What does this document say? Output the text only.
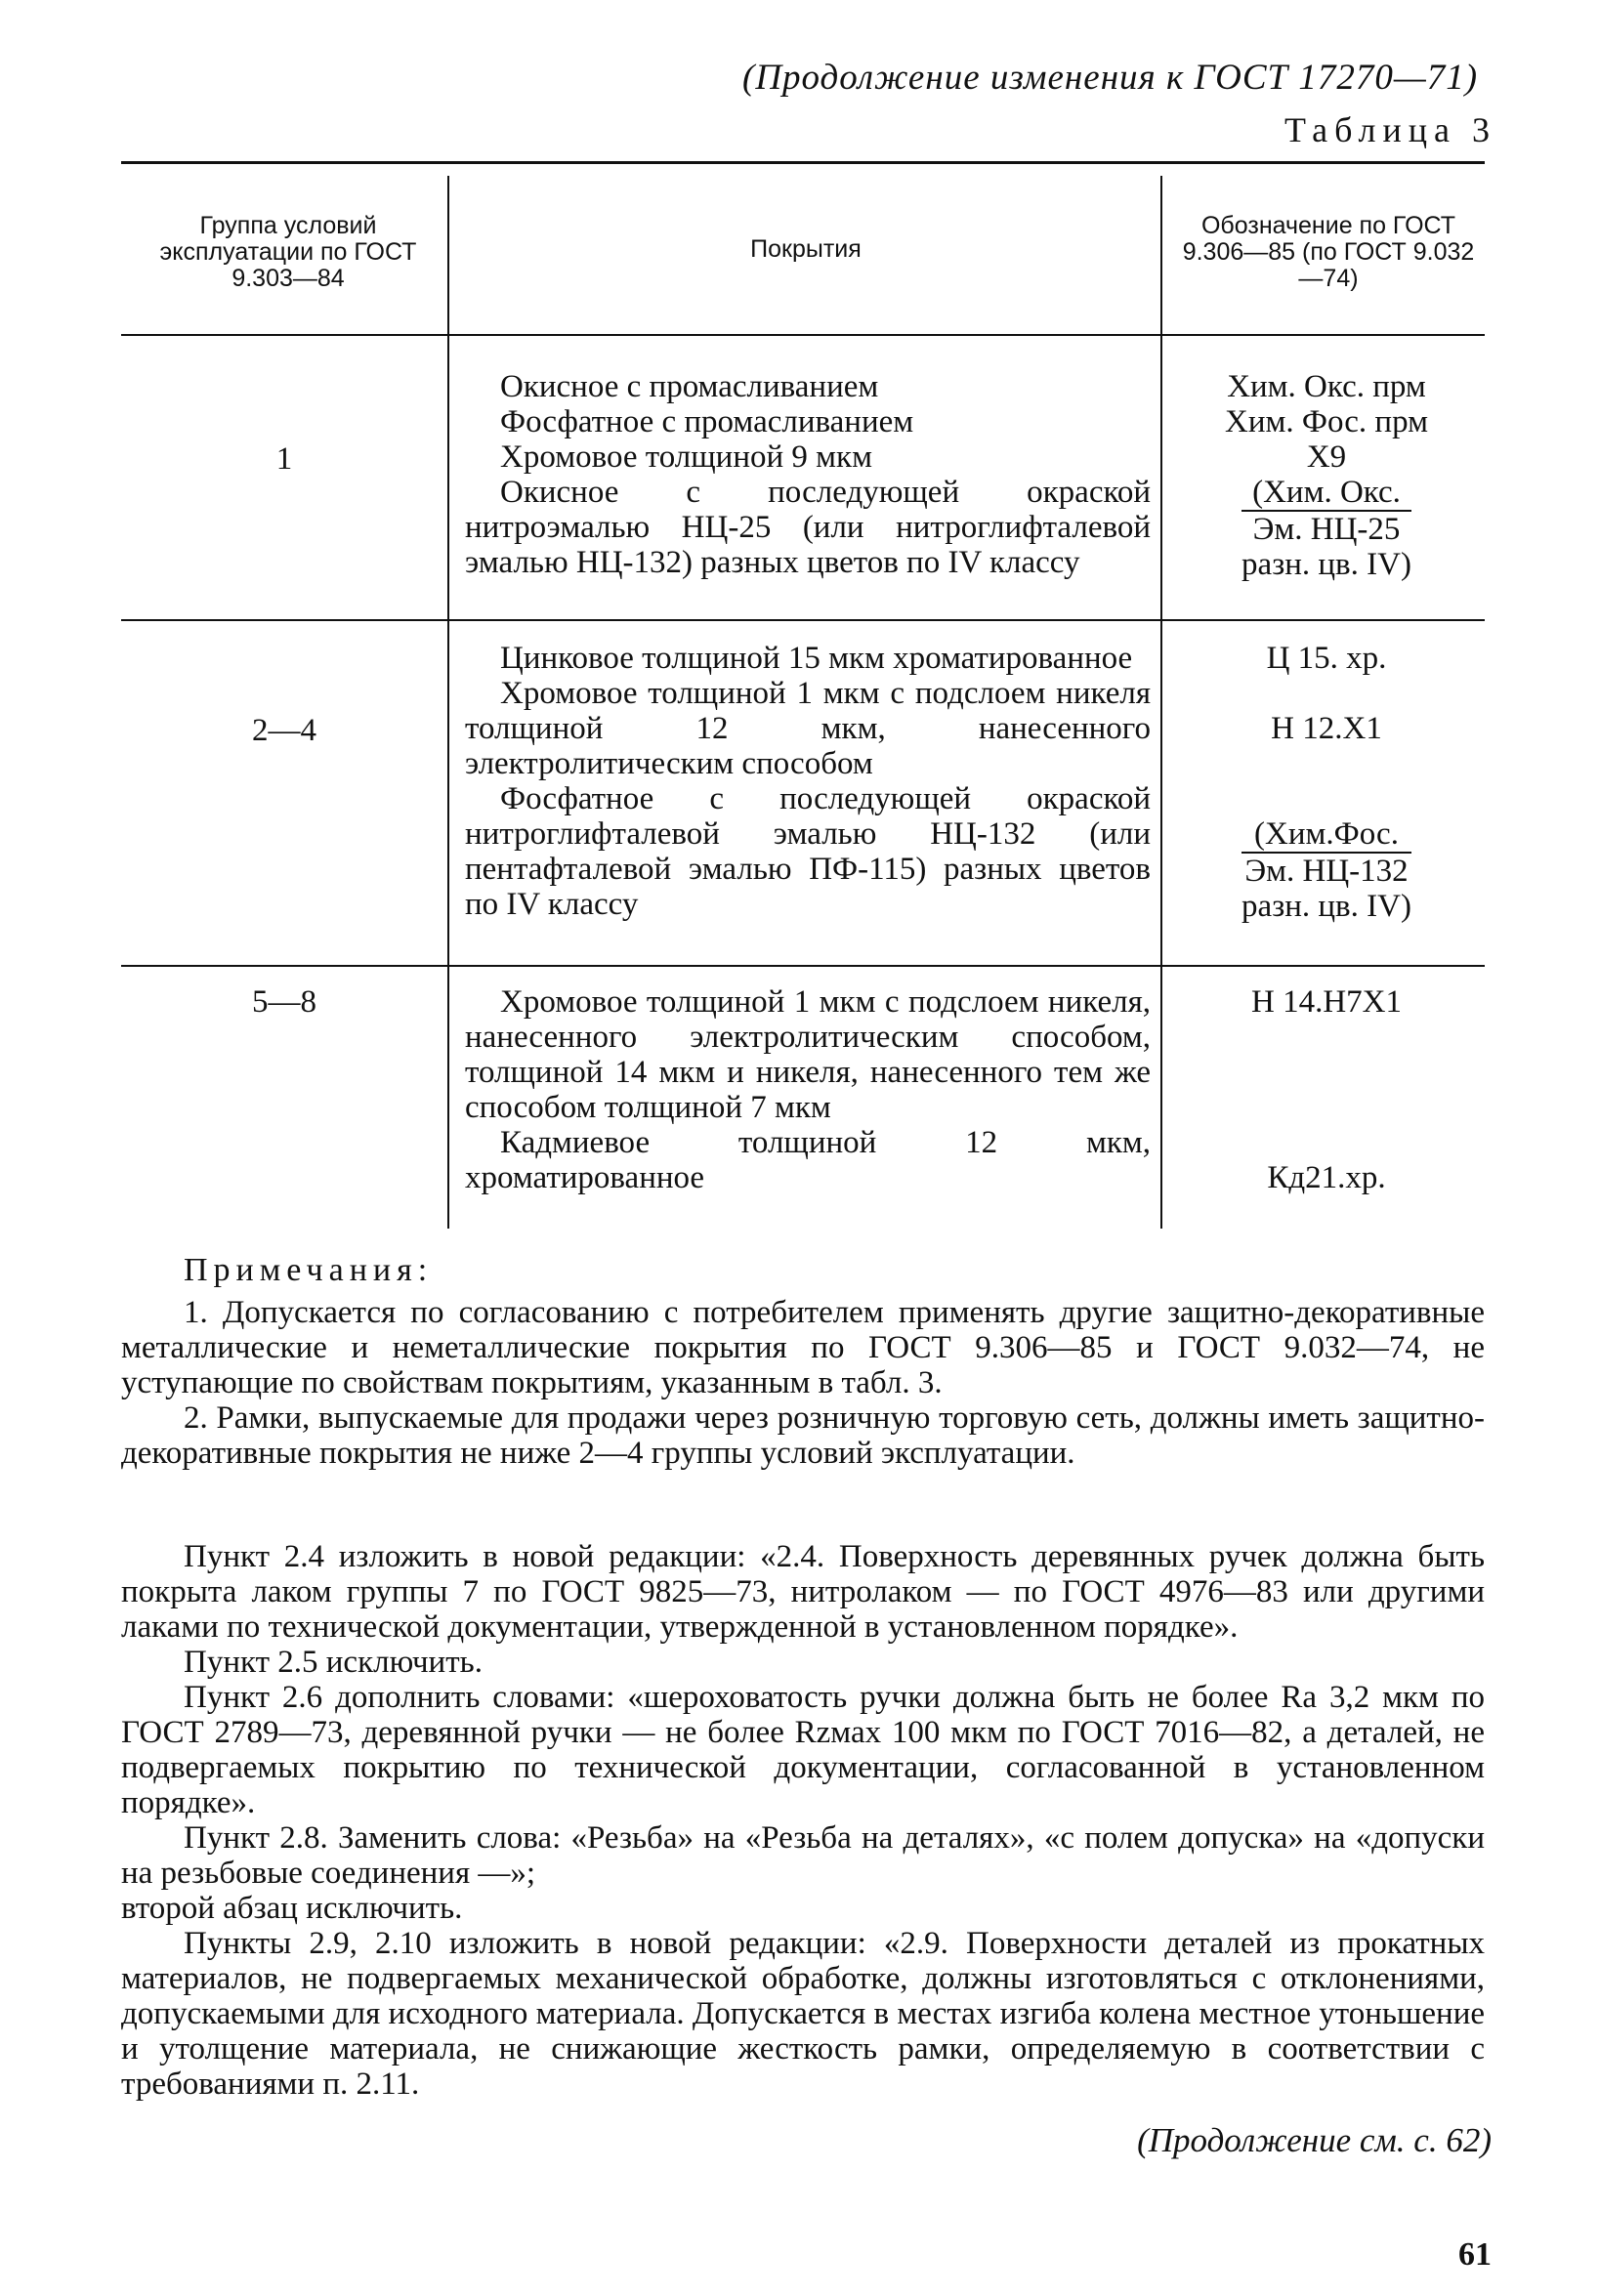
(Продолжение изменения к ГОСТ 17270—71)
Таблица 3
Группа условий эксплуатации по ГОСТ 9.303—84
Покрытия
Обозначение по ГОСТ 9.306—85 (по ГОСТ 9.032—74)
1
Окисное с промасливанием
Фосфатное с промасливанием
Хромовое толщиной 9 мкм
Окисное с последующей окраской нитроэмалью НЦ-25 (или нитроглифталевой эмалью НЦ-132) разных цветов по IV классу
Хим. Окс. прм
Хим. Фос. прм
Х9
(Хим. Окс.
Эм. НЦ-25
разн. цв. IV)
2—4
Цинковое толщиной 15 мкм хроматированное
Хромовое толщиной 1 мкм с подслоем никеля толщиной 12 мкм, нанесенного электролитическим способом
Фосфатное с последующей окраской нитроглифталевой эмалью НЦ-132 (или пентафталевой эмалью ПФ-115) разных цветов по IV классу
Ц 15. хр.
Н 12.Х1
(Хим.Фос.
Эм. НЦ-132
разн. цв. IV)
5—8	Хромовое толщиной 1 мкм с подслоем никеля, нанесенного электролитическим способом, толщиной 14 мкм и никеля, нанесенного тем же способом толщиной 7 мкм
Кадмиевое толщиной 12 мкм, хроматированное
Н 14.Н7Х1
Кд21.хр.
Примечания:
1. Допускается по согласованию с потребителем применять другие защитно-декоративные металлические и неметаллические покрытия по ГОСТ 9.306—85 и ГОСТ 9.032—74, не уступающие по свойствам покрытиям, указанным в табл. 3.
2. Рамки, выпускаемые для продажи через розничную торговую сеть, должны иметь защитно-декоративные покрытия не ниже 2—4 группы условий эксплуатации.
Пункт 2.4 изложить в новой редакции: «2.4. Поверхность деревянных ручек должна быть покрыта лаком группы 7 по ГОСТ 9825—73, нитролаком — по ГОСТ 4976—83 или другими лаками по технической документации, утвержденной в установленном порядке».
Пункт 2.5 исключить.
Пункт 2.6 дополнить словами: «шероховатость ручки должна быть не более Ra 3,2 мкм по ГОСТ 2789—73, деревянной ручки — не более Rzмах 100 мкм по ГОСТ 7016—82, а деталей, не подвергаемых покрытию по технической документации, согласованной в установленном порядке».
Пункт 2.8. Заменить слова: «Резьба» на «Резьба на деталях», «с полем допуска» на «допуски на резьбовые соединения —»;
второй абзац исключить.
Пункты 2.9, 2.10 изложить в новой редакции: «2.9. Поверхности деталей из прокатных материалов, не подвергаемых механической обработке, должны изготовляться с отклонениями, допускаемыми для исходного материала. Допускается в местах изгиба колена местное утоньшение и утолщение материала, не снижающие жесткость рамки, определяемую в соответствии с требованиями п. 2.11.
(Продолжение см. с. 62)
61
